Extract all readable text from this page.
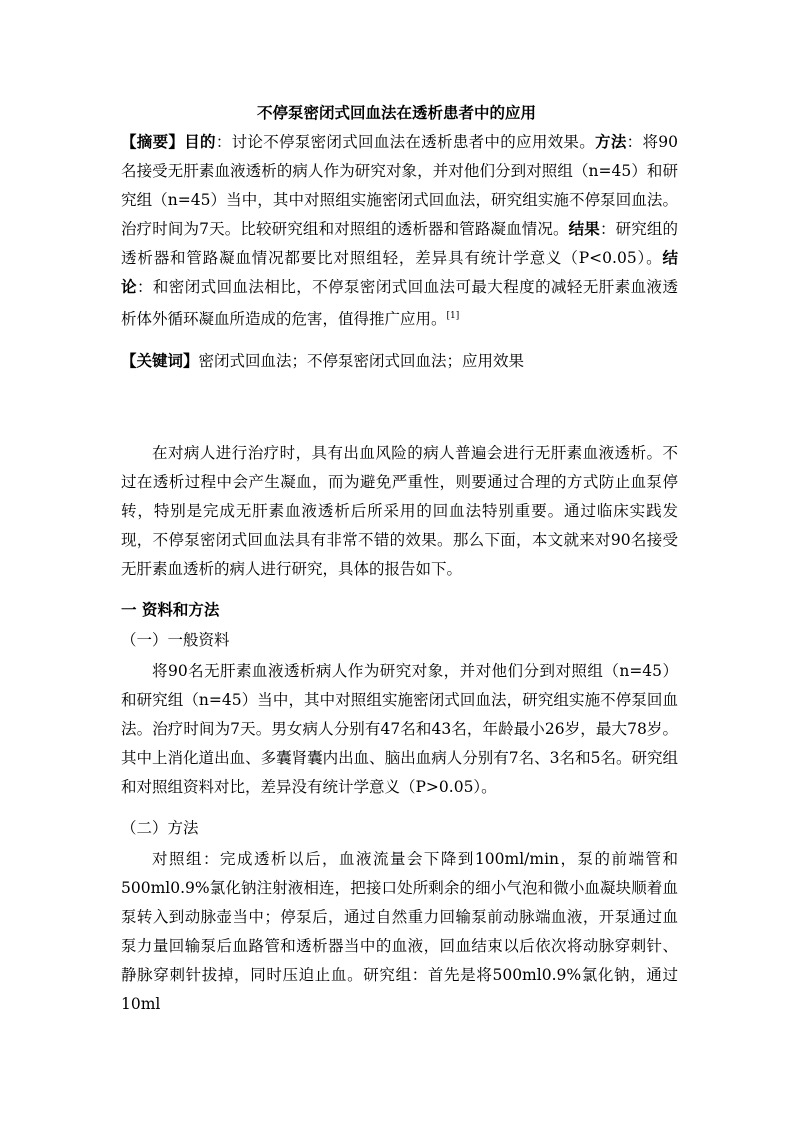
不停泵密闭式回血法在透析患者中的应用
【摘要】目的：讨论不停泵密闭式回血法在透析患者中的应用效果。方法：将90名接受无肝素血液透析的病人作为研究对象，并对他们分到对照组（n=45）和研究组（n=45）当中，其中对照组实施密闭式回血法，研究组实施不停泵回血法。治疗时间为7天。比较研究组和对照组的透析器和管路凝血情况。结果：研究组的透析器和管路凝血情况都要比对照组轻，差异具有统计学意义（P<0.05）。结论：和密闭式回血法相比，不停泵密闭式回血法可最大程度的减轻无肝素血液透析体外循环凝血所造成的危害，值得推广应用。[1]
【关键词】密闭式回血法；不停泵密闭式回血法；应用效果
在对病人进行治疗时，具有出血风险的病人普遍会进行无肝素血液透析。不过在透析过程中会产生凝血，而为避免严重性，则要通过合理的方式防止血泵停转，特别是完成无肝素血液透析后所采用的回血法特别重要。通过临床实践发现，不停泵密闭式回血法具有非常不错的效果。那么下面，本文就来对90名接受无肝素血透析的病人进行研究，具体的报告如下。
一 资料和方法
（一）一般资料
将90名无肝素血液透析病人作为研究对象，并对他们分到对照组（n=45）和研究组（n=45）当中，其中对照组实施密闭式回血法，研究组实施不停泵回血法。治疗时间为7天。男女病人分别有47名和43名，年龄最小26岁，最大78岁。其中上消化道出血、多囊肾囊内出血、脑出血病人分别有7名、3名和5名。研究组和对照组资料对比，差异没有统计学意义（P>0.05）。
（二）方法
对照组：完成透析以后，血液流量会下降到100ml/min，泵的前端管和500ml0.9%氯化钠注射液相连，把接口处所剩余的细小气泡和微小血凝块顺着血泵转入到动脉壶当中；停泵后，通过自然重力回输泵前动脉端血液，开泵通过血泵力量回输泵后血路管和透析器当中的血液，回血结束以后依次将动脉穿刺针、静脉穿刺针拔掉，同时压迫止血。研究组：首先是将500ml0.9%氯化钠，通过10ml
